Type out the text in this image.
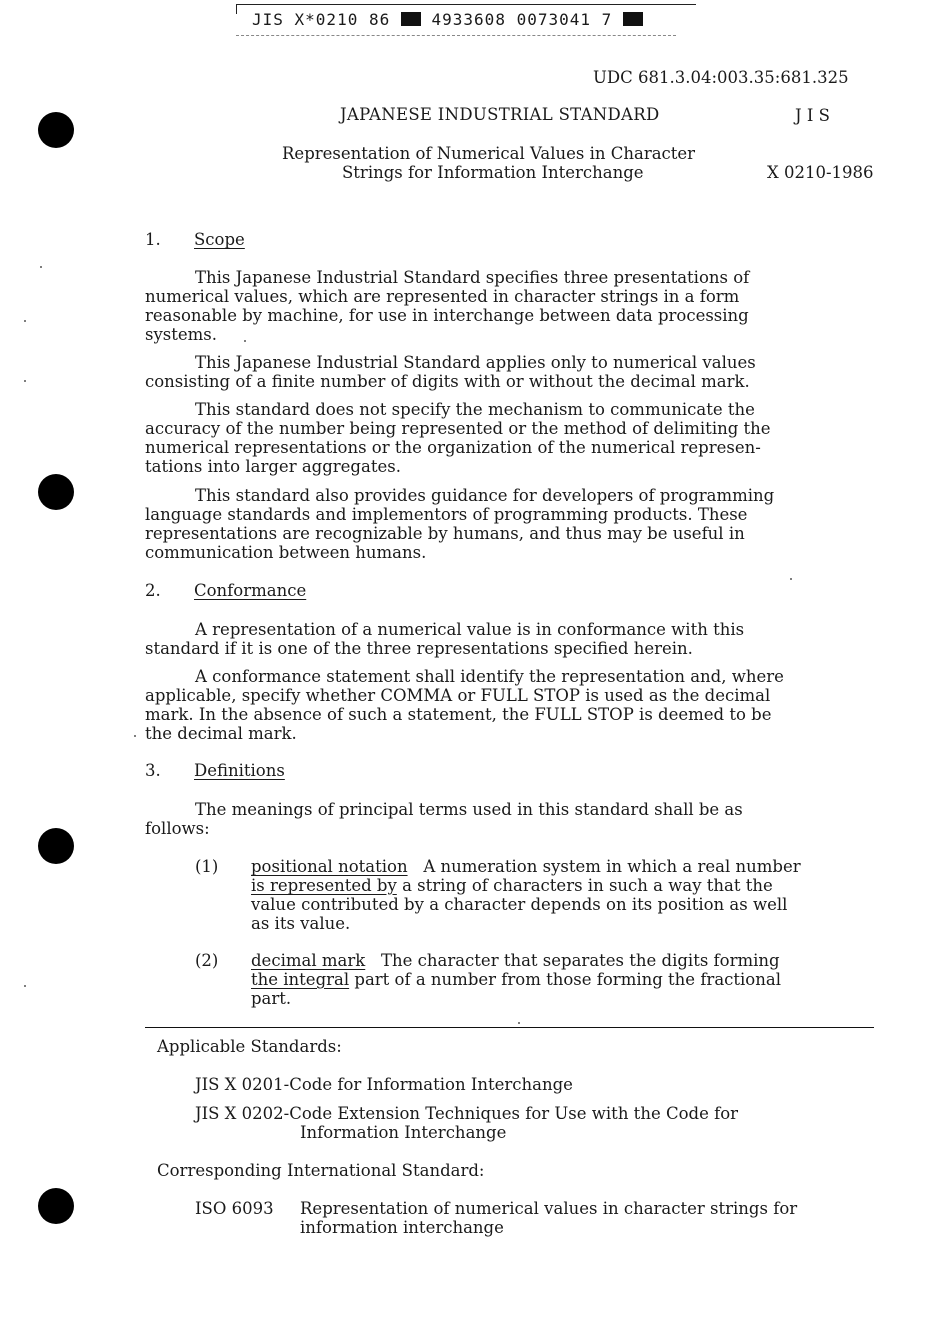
JIS X*0210 86	4933608 0073041 7
UDC 681.3.04:003.35:681.325
JAPANESE INDUSTRIAL STANDARD	J I S
Representation of Numerical Values in Character
Strings for Information Interchange	X 0210-1986
1. Scope
This Japanese Industrial Standard specifies three presentations of
numerical values, which are represented in character strings in a form
reasonable by machine, for use in interchange between data processing
systems.
This Japanese Industrial Standard applies only to numerical values
consisting of a finite number of digits with or without the decimal mark.
This standard does not specify the mechanism to communicate the
accuracy of the number being represented or the method of delimiting the
numerical representations or the organization of the numerical represen-
tations into larger aggregates.
This standard also provides guidance for developers of programming
language standards and implementors of programming products. These
representations are recognizable by humans, and thus may be useful in
communication between humans.
2. Conformance
A representation of a numerical value is in conformance with this
standard if it is one of the three representations specified herein.
A conformance statement shall identify the representation and, where
applicable, specify whether COMMA or FULL STOP is used as the decimal
mark. In the absence of such a statement, the FULL STOP is deemed to be
the decimal mark.
3. Definitions
The meanings of principal terms used in this standard shall be as
follows:
(1) positional notation A numeration system in which a real number
is represented by a string of characters in such a way that the
value contributed by a character depends on its position as well
as its value.
(2) decimal mark The character that separates the digits forming
the integral part of a number from those forming the fractional
part.
Applicable Standards:
JIS X 0201-Code for Information Interchange
JIS X 0202-Code Extension Techniques for Use with the Code for
Information Interchange
Corresponding International Standard:
ISO 6093 Representation of numerical values in character strings for
information interchange
